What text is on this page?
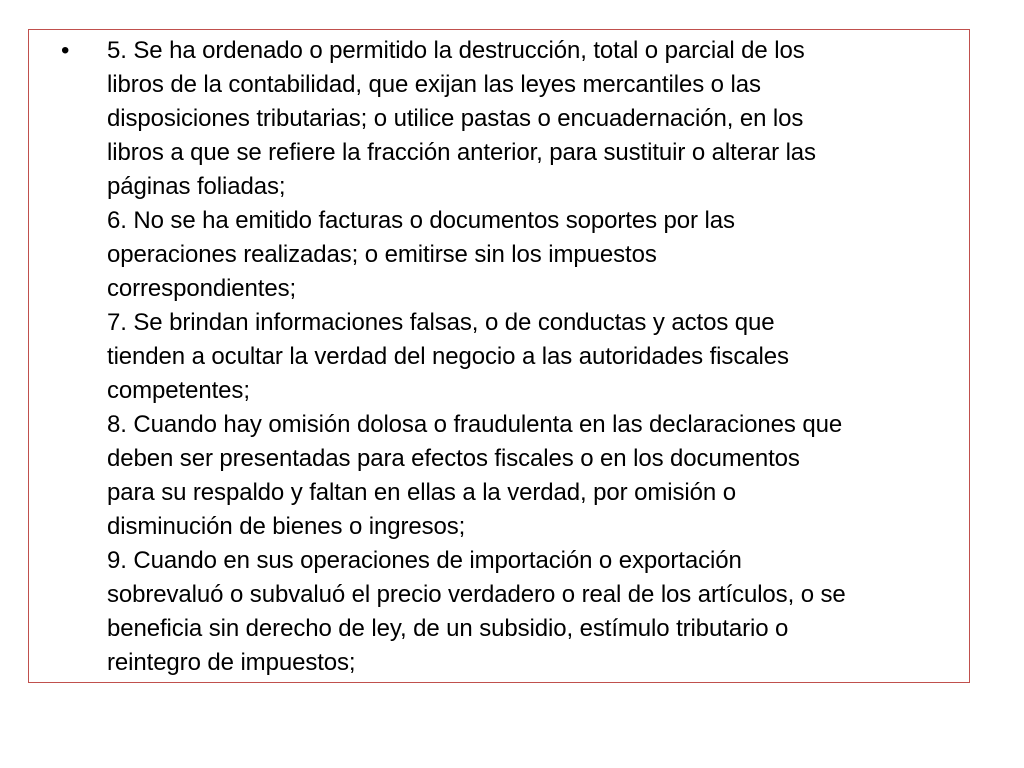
• 5. Se ha ordenado o permitido la destrucción, total o parcial de los
libros de la contabilidad, que exijan las leyes mercantiles o las
disposiciones tributarias; o utilice pastas o encuadernación, en los
libros a que se refiere la fracción anterior, para sustituir o alterar las
páginas foliadas;
6. No se ha emitido facturas o documentos soportes por las
operaciones realizadas; o emitirse sin los impuestos
correspondientes;
7. Se brindan informaciones falsas, o de conductas y actos que
tienden a ocultar la verdad del negocio a las autoridades fiscales
competentes;
8. Cuando hay omisión dolosa o fraudulenta en las declaraciones que
deben ser presentadas para efectos fiscales o en los documentos
para su respaldo y faltan en ellas a la verdad, por omisión o
disminución de bienes o ingresos;
9. Cuando en sus operaciones de importación o exportación
sobrevaluó o subvaluó el precio verdadero o real de los artículos, o se
beneficia sin derecho de ley, de un subsidio, estímulo tributario o
reintegro de impuestos;
